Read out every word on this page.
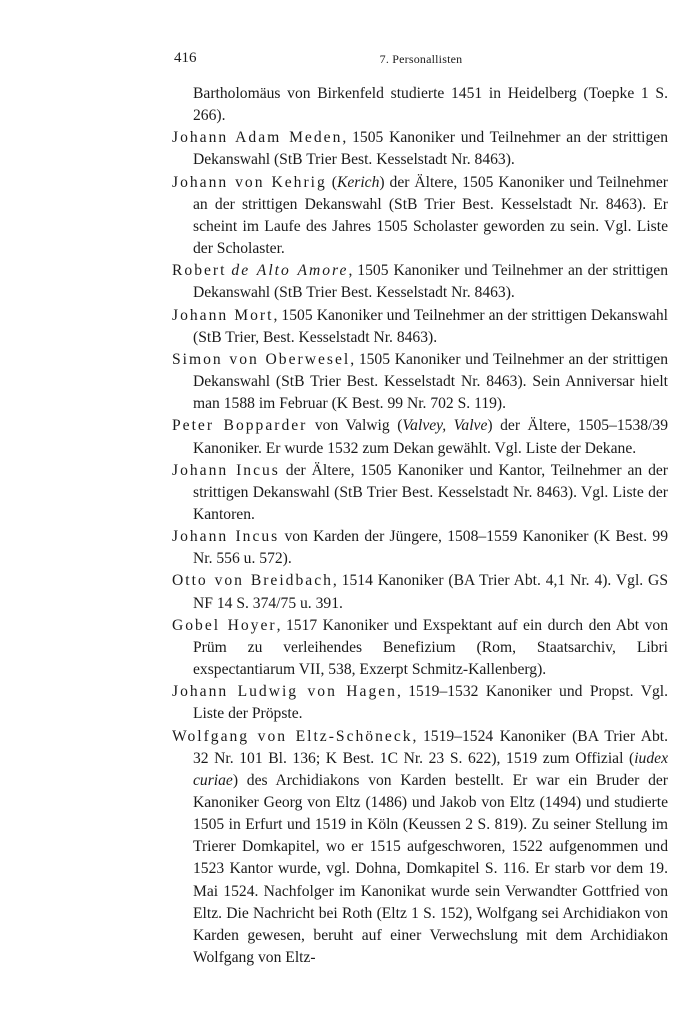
416	7. Personallisten

Bartholomäus von Birkenfeld studierte 1451 in Heidelberg (Toepke 1 S. 266).

Johann Adam Meden, 1505 Kanoniker und Teilnehmer an der strittigen Dekanswahl (StB Trier Best. Kesselstadt Nr. 8463).

Johann von Kehrig (Kerich) der Ältere, 1505 Kanoniker und Teilnehmer an der strittigen Dekanswahl (StB Trier Best. Kesselstadt Nr. 8463). Er scheint im Laufe des Jahres 1505 Scholaster geworden zu sein. Vgl. Liste der Scholaster.

Robert de Alto Amore, 1505 Kanoniker und Teilnehmer an der strittigen Dekanswahl (StB Trier Best. Kesselstadt Nr. 8463).

Johann Mort, 1505 Kanoniker und Teilnehmer an der strittigen Dekanswahl (StB Trier, Best. Kesselstadt Nr. 8463).

Simon von Oberwesel, 1505 Kanoniker und Teilnehmer an der strittigen Dekanswahl (StB Trier Best. Kesselstadt Nr. 8463). Sein Anniversar hielt man 1588 im Februar (K Best. 99 Nr. 702 S. 119).

Peter Bopparder von Valwig (Valvey, Valve) der Ältere, 1505–1538/39 Kanoniker. Er wurde 1532 zum Dekan gewählt. Vgl. Liste der Dekane.

Johann Incus der Ältere, 1505 Kanoniker und Kantor, Teilnehmer an der strittigen Dekanswahl (StB Trier Best. Kesselstadt Nr. 8463). Vgl. Liste der Kantoren.

Johann Incus von Karden der Jüngere, 1508–1559 Kanoniker (K Best. 99 Nr. 556 u. 572).

Otto von Breidbach, 1514 Kanoniker (BA Trier Abt. 4,1 Nr. 4). Vgl. GS NF 14 S. 374/75 u. 391.

Gobel Hoyer, 1517 Kanoniker und Exspektant auf ein durch den Abt von Prüm zu verleihendes Benefizium (Rom, Staatsarchiv, Libri exspectantiarum VII, 538, Exzerpt Schmitz-Kallenberg).

Johann Ludwig von Hagen, 1519–1532 Kanoniker und Propst. Vgl. Liste der Pröpste.

Wolfgang von Eltz-Schöneck, 1519–1524 Kanoniker (BA Trier Abt. 32 Nr. 101 Bl. 136; K Best. 1C Nr. 23 S. 622), 1519 zum Offizial (iudex curiae) des Archidiakons von Karden bestellt. Er war ein Bruder der Kanoniker Georg von Eltz (1486) und Jakob von Eltz (1494) und studierte 1505 in Erfurt und 1519 in Köln (Keussen 2 S. 819). Zu seiner Stellung im Trierer Domkapitel, wo er 1515 aufgeschworen, 1522 aufgenommen und 1523 Kantor wurde, vgl. Dohna, Domkapitel S. 116. Er starb vor dem 19. Mai 1524. Nachfolger im Kanonikat wurde sein Verwandter Gottfried von Eltz. Die Nachricht bei Roth (Eltz 1 S. 152), Wolfgang sei Archidiakon von Karden gewesen, beruht auf einer Verwechslung mit dem Archidiakon Wolfgang von Eltz-
